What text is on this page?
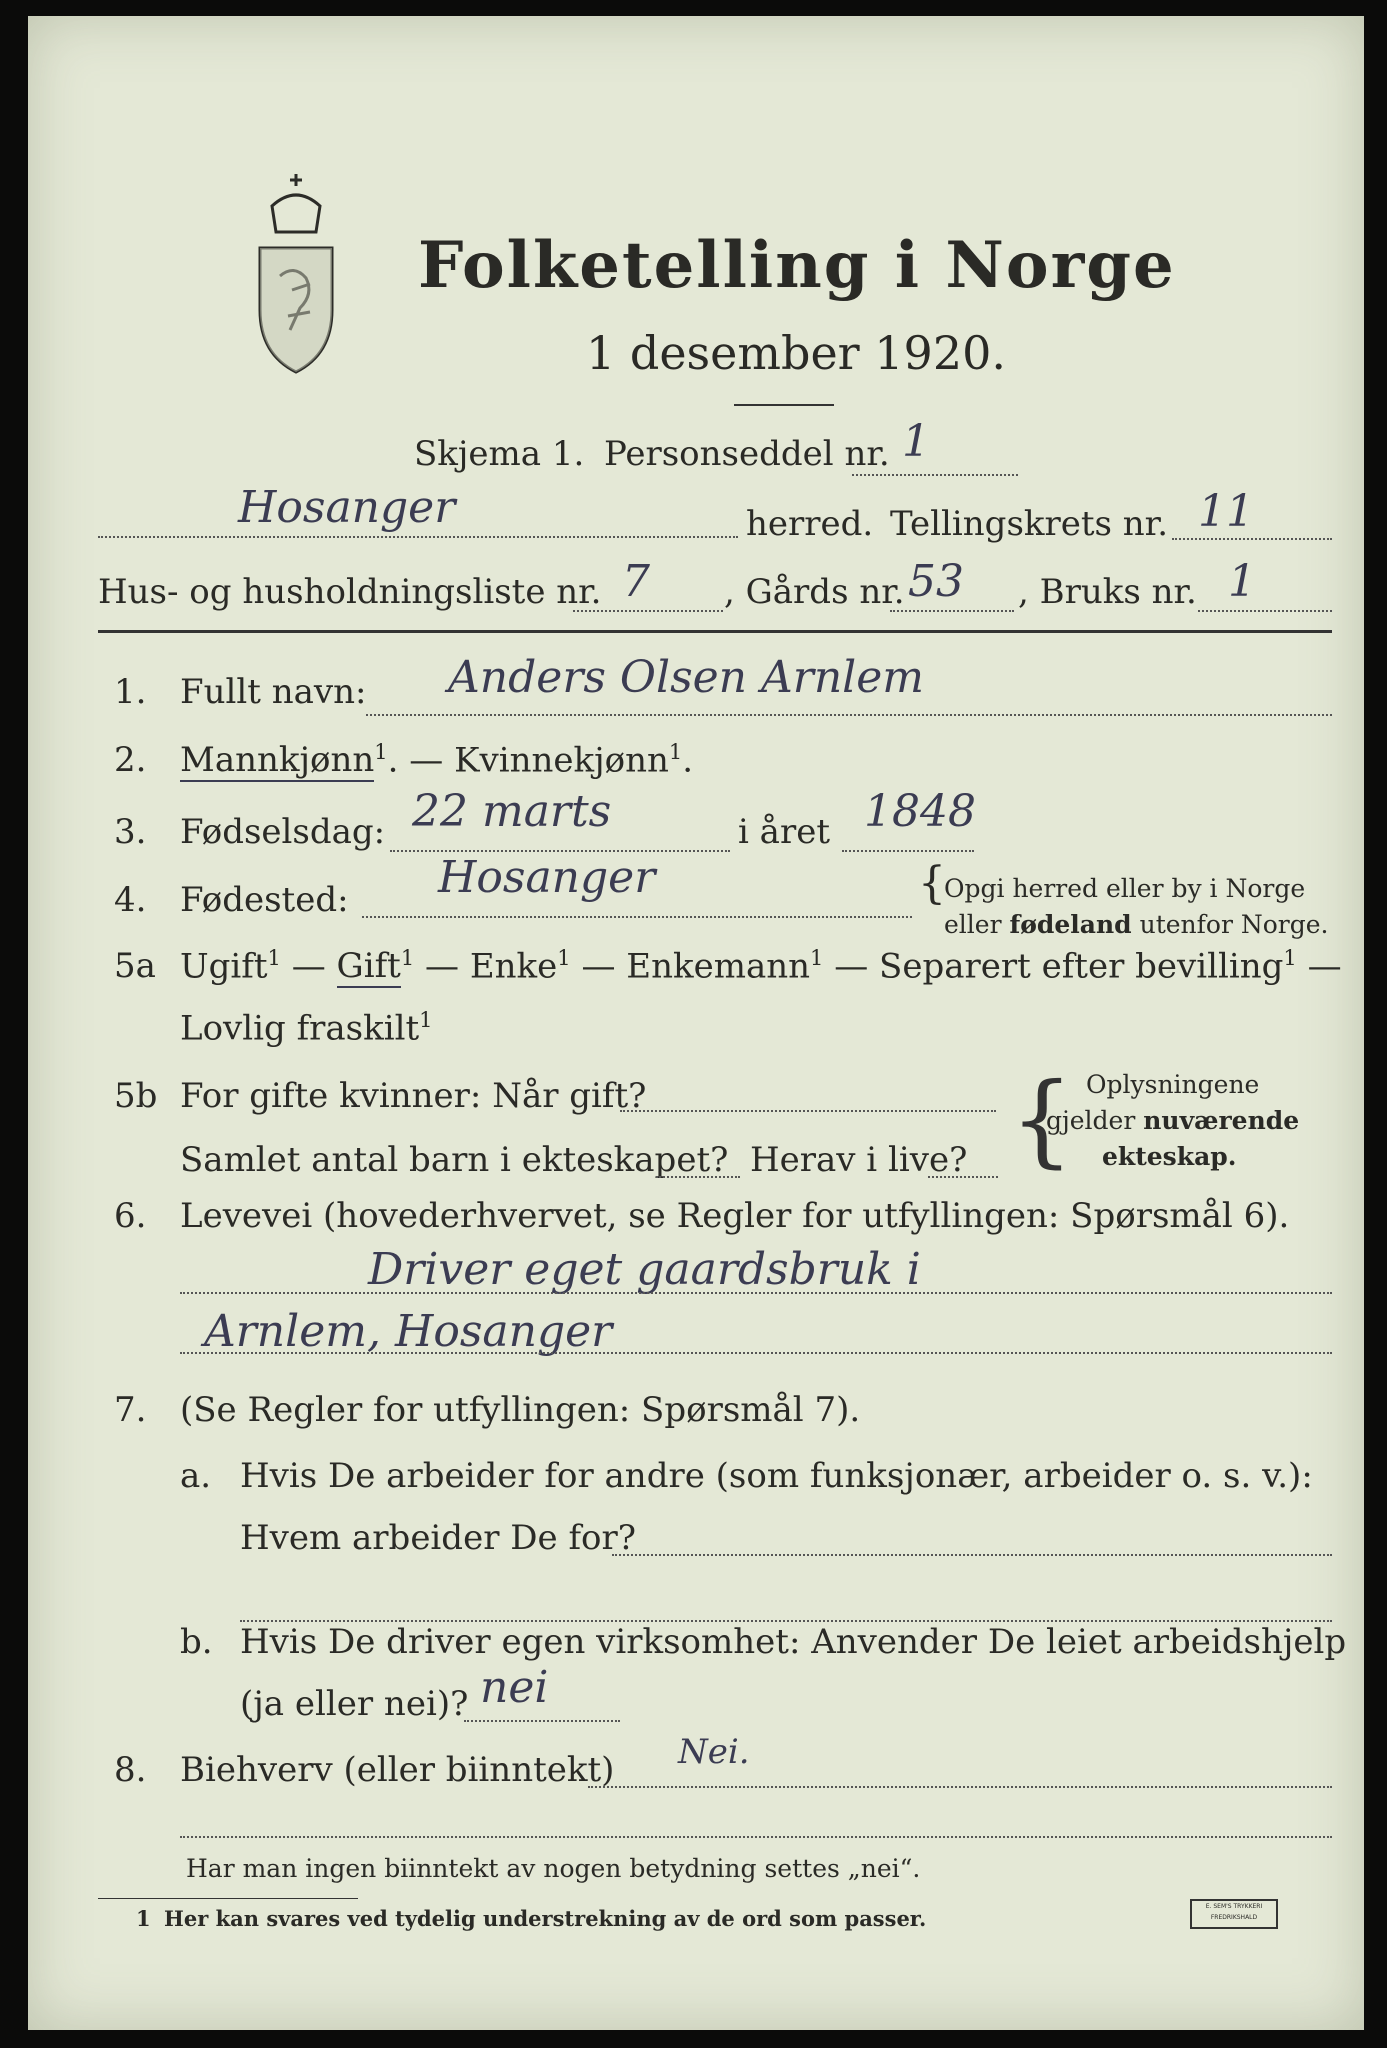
Folketelling i Norge
1 desember 1920.
Skjema 1. Personseddel nr. 1
Hosanger	herred. Tellingskrets nr. 11
Hus- og husholdningsliste nr. 7 , Gårds nr. 53 , Bruks nr. 1
1. Fullt navn: Anders Olsen Arnlem
2. Mannkjønn$^1$. — Kvinnekjønn$^1$.
3. Fødselsdag: 22 marts	i året 1848
4. Fødested: Hosanger	{
Opgi herred eller by i Norge
eller fødeland utenfor Norge.
5a Ugift$^1$ — Gift$^1$ — Enke$^1$ — Enkemann$^1$ — Separert efter bevilling$^1$ —
Lovlig fraskilt$^1$
5b For gifte kvinner: Når gift?
Samlet antal barn i ekteskapet? Herav i live? { Oplysningene
gjelder nuværende
ekteskap.
6. Levevei (hovederhvervet, se Regler for utfyllingen: Spørsmål 6).
Driver eget gaardsbruk i
Arnlem, Hosanger
7. (Se Regler for utfyllingen: Spørsmål 7).
a. Hvis De arbeider for andre (som funksjonær, arbeider o. s. v.):
Hvem arbeider De for?
b. Hvis De driver egen virksomhet: Anvender De leiet arbeidshjelp
(ja eller nei)? nei
8. Biehverv (eller biinntekt) Nei.
Har man ingen biinntekt av nogen betydning settes „nei“.
1 Her kan svares ved tydelig understrekning av de ord som passer.	E. SEM'S TRYKKERI
FREDRIKSHALD
